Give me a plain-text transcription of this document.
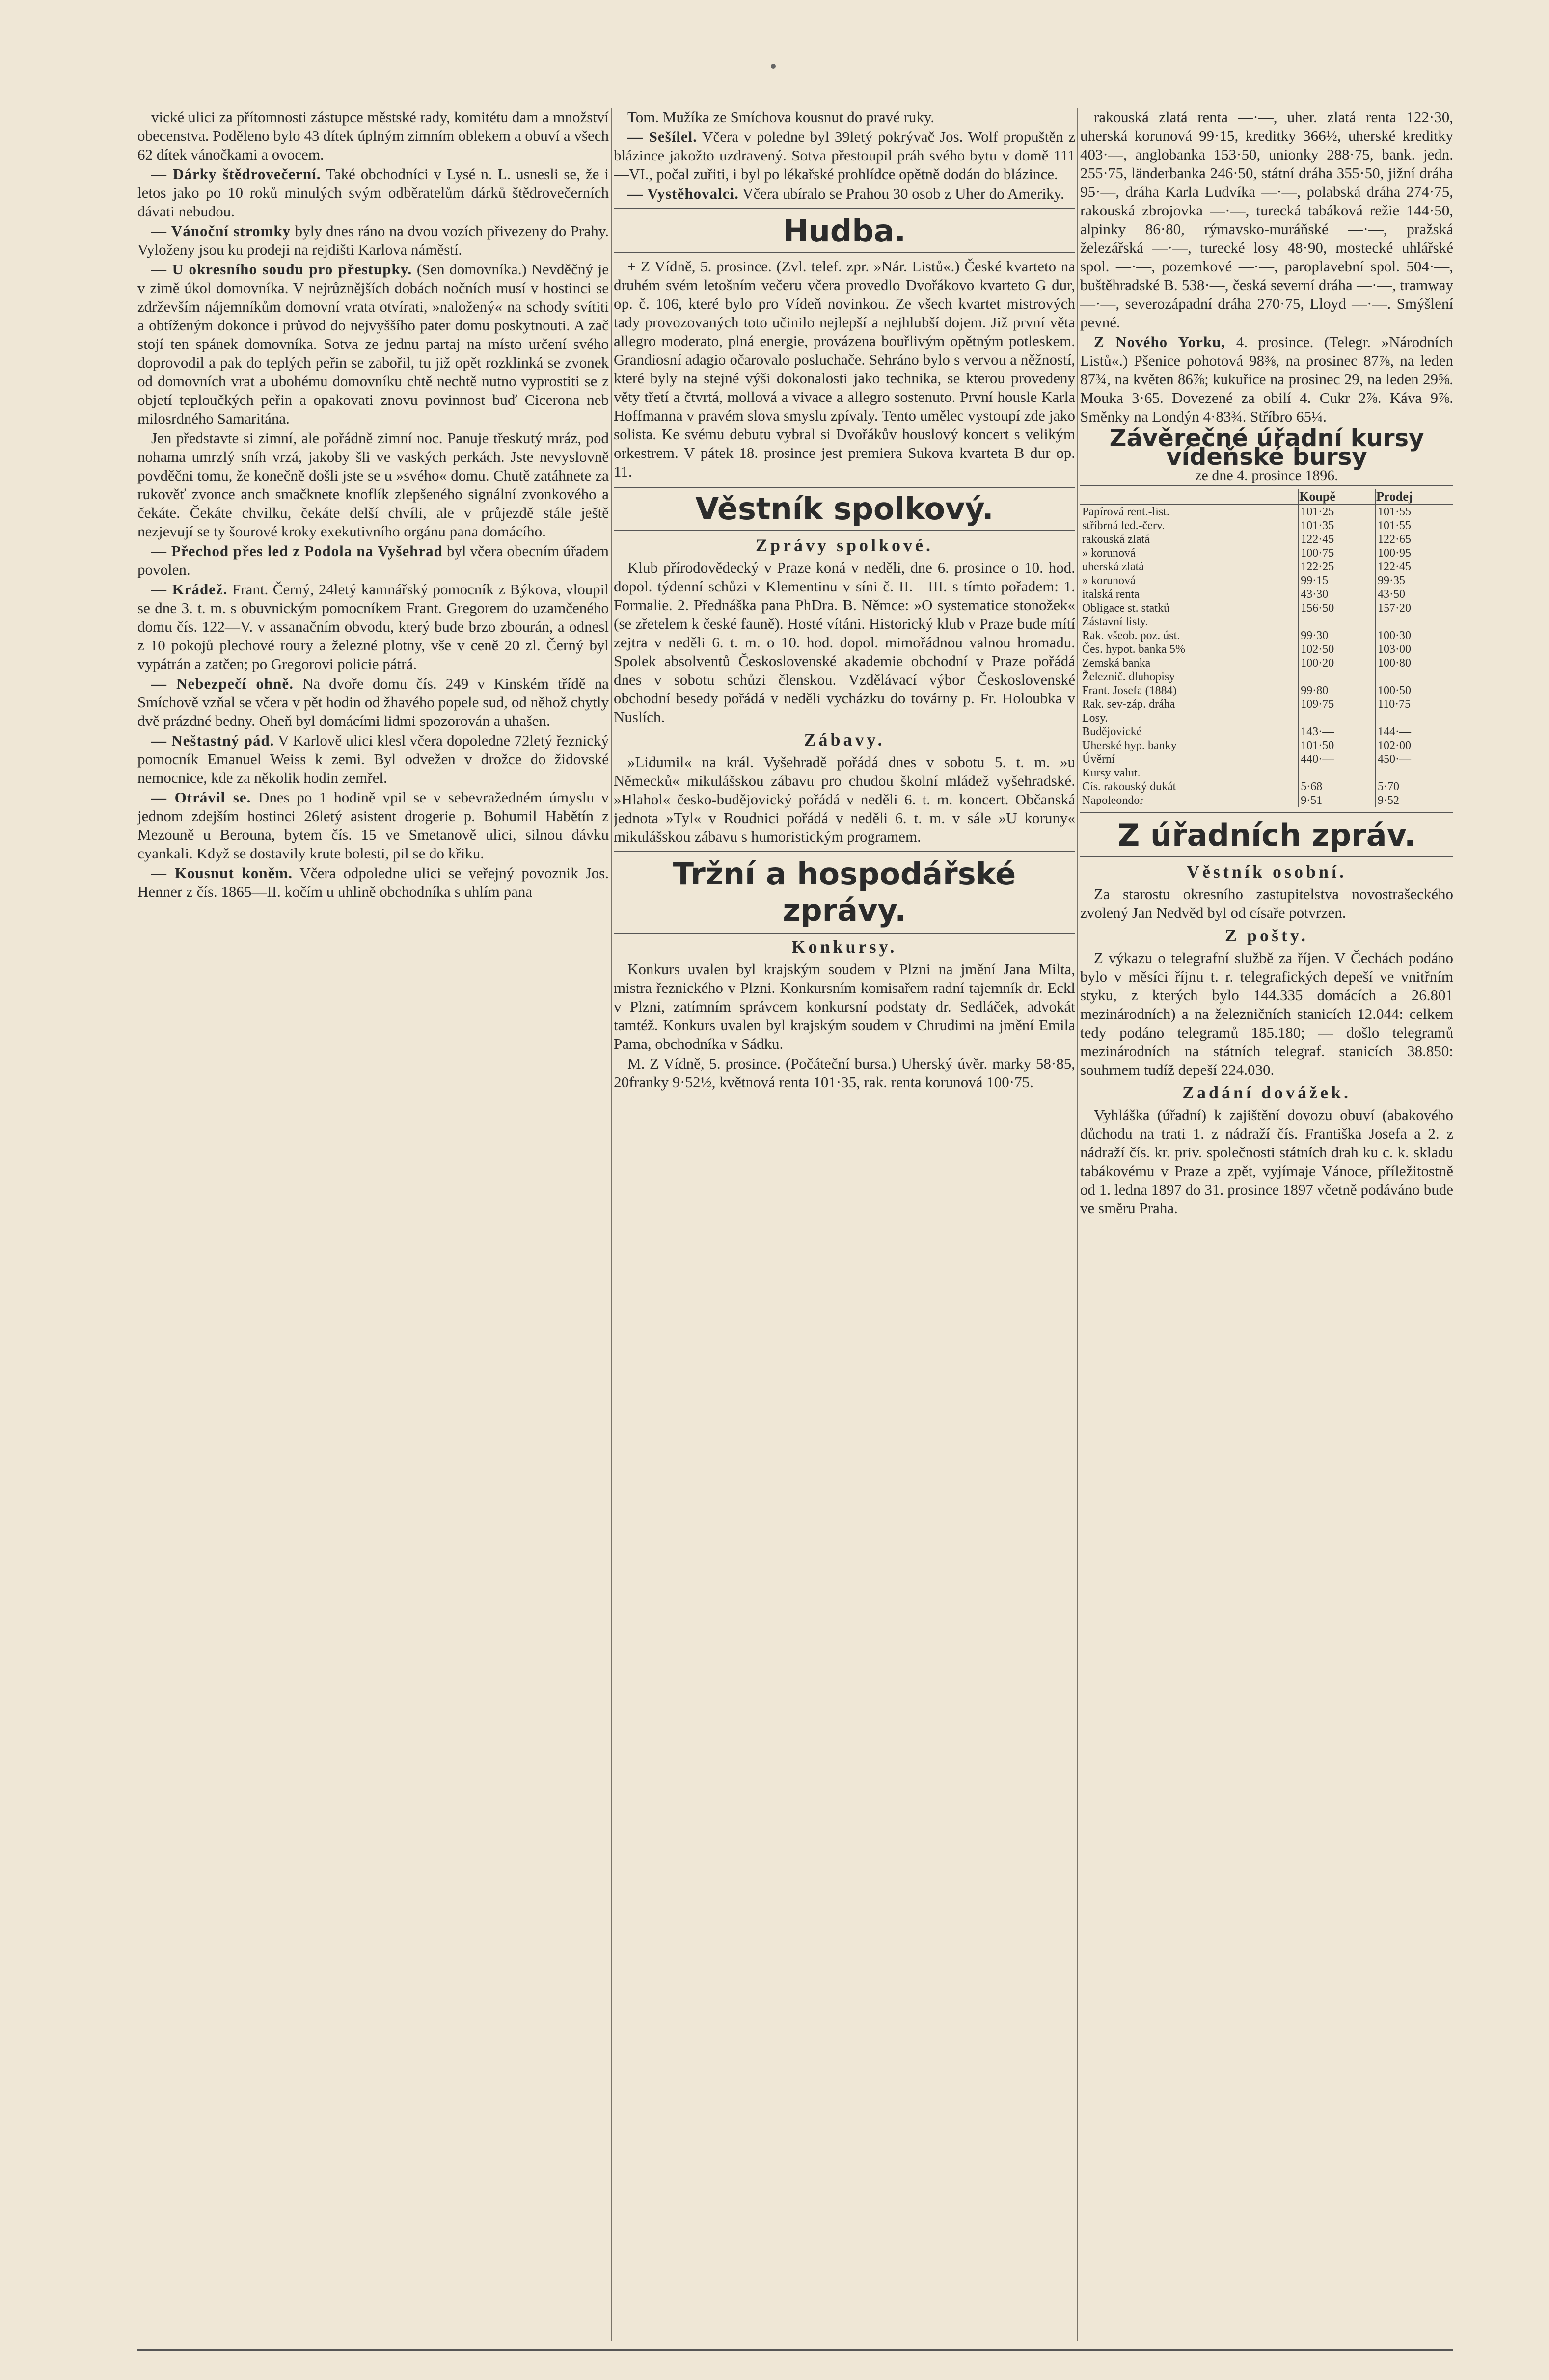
vické ulici za přítomnosti zástupce městské rady, komitétu dam a množství obecenstva. Poděleno bylo 43 dítek úplným zimním oblekem a obuví a všech 62 dítek vánočkami a ovocem.

— Dárky štědrovečerní. Také obchodníci v Lysé n. L. usnesli se, že i letos jako po 10 roků minulých svým odběratelům dárků štědrovečerních dávati nebudou.

— Vánoční stromky byly dnes ráno na dvou vozích přivezeny do Prahy. Vyloženy jsou ku prodeji na rejdišti Karlova náměstí.

— U okresního soudu pro přestupky. (Sen domovníka.) Nevděčný je v zimě úkol domovníka. V nejrůznějších dobách nočních musí v hostinci se zdrževším nájemníkům domovní vrata otvírati, »naložený« na schody svítiti a obtíženým dokonce i průvod do nejvyššího pater domu poskytnouti. A zač stojí ten spánek domovníka. Sotva ze jednu partaj na místo určení svého doprovodil a pak do teplých peřin se zabořil, tu již opět rozklinká se zvonek od domovních vrat a ubohému domovníku chtě nechtě nutno vyprostiti se z objetí teploučkých peřin a opakovati znovu povinnost buď Cicerona neb milosrdného Samaritána.

Jen představte si zimní, ale pořádně zimní noc. Panuje třeskutý mráz, pod nohama umrzlý sníh vrzá, jakoby šli ve vaských perkách. Jste nevyslovně povděčni tomu, že konečně došli jste se u »svého« domu. Chutě zatáhnete za rukověť zvonce anch smačknete knoflík zlepšeného signální zvonkového a čekáte. Čekáte chvilku, čekáte delší chvíli, ale v průjezdě stále ještě nezjevují se ty šourové kroky exekutivního orgánu pana domácího.

— Přechod přes led z Podola na Vyšehrad byl včera obecním úřadem povolen.

— Krádež. Frant. Černý, 24letý kamnářský pomocník z Býkova, vloupil se dne 3. t. m. s obuvnickým pomocníkem Frant. Gregorem do uzamčeného domu čís. 122—V. v assanačním obvodu, který bude brzo zbourán, a odnesl z 10 pokojů plechové roury a železné plotny, vše v ceně 20 zl. Černý byl vypátrán a zatčen; po Gregorovi policie pátrá.

— Nebezpečí ohně. Na dvoře domu čís. 249 v Kinském třídě na Smíchově vzňal se včera v pět hodin od žhavého popele sud, od něhož chytly dvě prázdné bedny. Oheň byl domácími lidmi spozorován a uhašen.

— Neštastný pád. V Karlově ulici klesl včera dopoledne 72letý řeznický pomocník Emanuel Weiss k zemi. Byl odvežen v drožce do židovské nemocnice, kde za několik hodin zemřel.

— Otrávil se. Dnes po 1 hodině vpil se v sebevražedném úmyslu v jednom zdejším hostinci 26letý asistent drogerie p. Bohumil Habětín z Mezouně u Berouna, bytem čís. 15 ve Smetanově ulici, silnou dávku cyankali. Když se dostavily krute bolesti, pil se do křiku.

— Kousnut koněm. Včera odpoledne ulici se veřejný povoznik Jos. Henner z čís. 1865—II. kočím u uhlině obchodníka s uhlím pana

Tom. Mužíka ze Smíchova kousnut do pravé ruky.

— Sešílel. Včera v poledne byl 39letý pokrývač Jos. Wolf propuštěn z blázince jakožto uzdravený. Sotva přestoupil práh svého bytu v domě 111—VI., počal zuřiti, i byl po lékařské prohlídce opětně dodán do blázince.

— Vystěhovalci. Včera ubíralo se Prahou 30 osob z Uher do Ameriky.

Hudba.

+ Z Vídně, 5. prosince. (Zvl. telef. zpr. »Nár. Listů«.) České kvarteto na druhém svém letošním večeru včera provedlo Dvořákovo kvarteto G dur, op. č. 106, které bylo pro Vídeň novinkou. Ze všech kvartet mistrových tady provozovaných toto učinilo nejlepší a nejhlubší dojem. Již první věta allegro moderato, plná energie, provázena bouřlivým opětným potleskem. Grandiosní adagio očarovalo posluchače. Sehráno bylo s vervou a něžností, které byly na stejné výši dokonalosti jako technika, se kterou provedeny věty třetí a čtvrtá, mollová a vivace a allegro sostenuto. První housle Karla Hoffmanna v pravém slova smyslu zpívaly. Tento umělec vystoupí zde jako solista. Ke svému debutu vybral si Dvořákův houslový koncert s velikým orkestrem. V pátek 18. prosince jest premiera Sukova kvarteta B dur op. 11.

Věstník spolkový.
Zprávy spolkové.

Klub přírodovědecký v Praze koná v neděli, dne 6. prosince o 10. hod. dopol. týdenní schůzi v Klementinu v síni č. II.—III. s tímto pořadem: 1. Formalie. 2. Přednáška pana PhDra. B. Němce: »O systematice stonožek« (se zřetelem k české fauně). Hosté vítáni. Historický klub v Praze bude mítí zejtra v neděli 6. t. m. o 10. hod. dopol. mimořádnou valnou hromadu. Spolek absolventů Československé akademie obchodní v Praze pořádá dnes v sobotu schůzi členskou. Vzdělávací výbor Československé obchodní besedy pořádá v neděli vycházku do továrny p. Fr. Holoubka v Nuslích.

Zábavy.

»Lidumil« na král. Vyšehradě pořádá dnes v sobotu 5. t. m. »u Německů« mikulášskou zábavu pro chudou školní mládež vyšehradské. »Hlahol« česko-budějovický pořádá v neděli 6. t. m. koncert. Občanská jednota »Tyl« v Roudnici pořádá v neděli 6. t. m. v sále »U koruny« mikulášskou zábavu s humoristickým programem.

Tržní a hospodářské zprávy.
Konkursy.

Konkurs uvalen byl krajským soudem v Plzni na jmění Jana Milta, mistra řeznického v Plzni. Konkursním komisařem radní tajemník dr. Eckl v Plzni, zatímním správcem konkursní podstaty dr. Sedláček, advokát tamtéž. Konkurs uvalen byl krajským soudem v Chrudimi na jmění Emila Pama, obchodníka v Sádku.

M. Z Vídně, 5. prosince. (Počáteční bursa.) Uherský úvěr. marky 58·85, 20franky 9·52½, květnová renta 101·35, rak. renta korunová 100·75.

rakouská zlatá renta —·—, uher. zlatá renta 122·30, uherská korunová 99·15, kreditky 366½, uherské kreditky 403·—, anglobanka 153·50, unionky 288·75, bank. jedn. 255·75, länderbanka 246·50, státní dráha 355·50, jižní dráha 95·—, dráha Karla Ludvíka —·—, polabská dráha 274·75, rakouská zbrojovka —·—, turecká tabáková režie 144·50, alpinky 86·80, rýmavsko-muráňské —·—, pražská železářská —·—, turecké losy 48·90, mostecké uhlářské spol. —·—, pozemkové —·—, paroplavební spol. 504·—, buštěhradské B. 538·—, česká severní dráha —·—, tramway —·—, severozápadní dráha 270·75, Lloyd —·—. Smýšlení pevné.

Z Nového Yorku, 4. prosince. (Telegr. »Národních Listů«.) Pšenice pohotová 98⅜, na prosinec 87⅞, na leden 87¾, na květen 86⅞; kukuřice na prosinec 29, na leden 29⅝. Mouka 3·65. Dovezené za obilí 4. Cukr 2⅞. Káva 9⅞. Směnky na Londýn 4·83¾. Stříbro 65¼.

Závěrečné úřadní kursy vídeňské bursy
ze dne 4. prosince 1896.
	Koupě	Prodej
Papírová rent.-list.	101·25	101·55
stříbrná led.-červ.	101·35	101·55
rakouská zlatá	122·45	122·65
» korunová	100·75	100·95
uherská zlatá	122·25	122·45
» korunová	99·15	99·35
italská renta	43·30	43·50
Obligace st. statků	156·50	157·20
Zástavní listy.		
Rak. všeob. poz. úst.	99·30	100·30
Čes. hypot. banka 5%	102·50	103·00
Zemská banka	100·20	100·80
Železnič. dluhopisy		
Frant. Josefa (1884)	99·80	100·50
Rak. sev-záp. dráha	109·75	110·75
Losy.		
Budějovické	143·—	144·—
Uherské hyp. banky	101·50	102·00
Úvěrní	440·—	450·—
Kursy valut.		
Cís. rakouský dukát	5·68	5·70
Napoleondor	9·51	9·52
Z úřadních zpráv.
Věstník osobní.

Za starostu okresního zastupitelstva novostrašeckého zvolený Jan Nedvěd byl od císaře potvrzen.

Z pošty.

Z výkazu o telegrafní službě za říjen. V Čechách podáno bylo v měsíci říjnu t. r. telegrafických depeší ve vnitřním styku, z kterých bylo 144.335 domácích a 26.801 mezinárodních) a na železničních stanicích 12.044: celkem tedy podáno telegramů 185.180; — došlo telegramů mezinárodních na státních telegraf. stanicích 38.850: souhrnem tudíž depeší 224.030.

Zadání dovážek.

Vyhláška (úřadní) k zajištění dovozu obuví (abakového důchodu na trati 1. z nádraží čís. Františka Josefa a 2. z nádraží čís. kr. priv. společnosti státních drah ku c. k. skladu tabákovému v Praze a zpět, vyjímaje Vánoce, příležitostně od 1. ledna 1897 do 31. prosince 1897 včetně podáváno bude ve směru Praha.
